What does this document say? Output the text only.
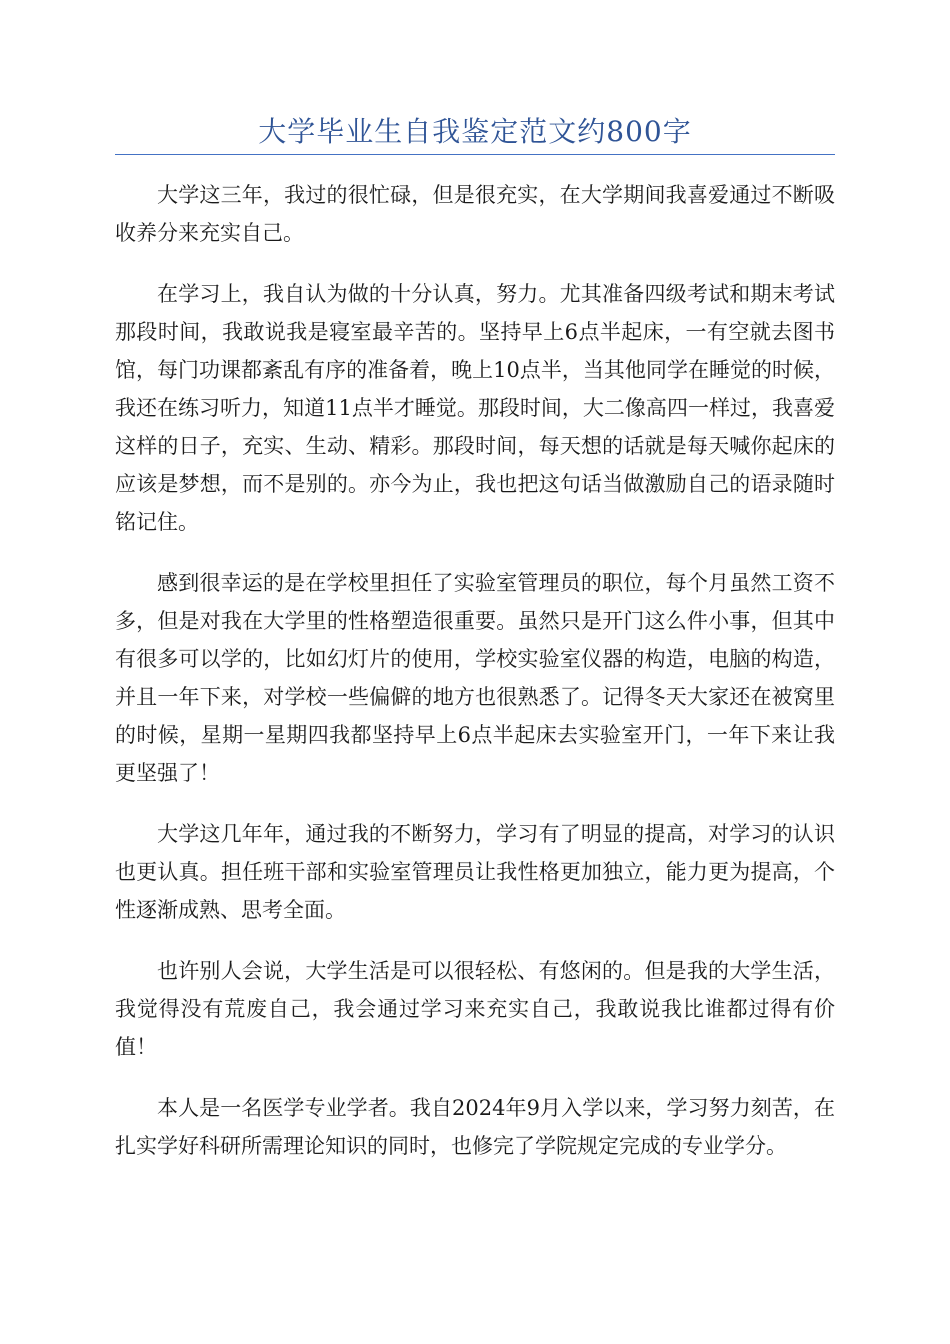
大学毕业生自我鉴定范文约800字

大学这三年，我过的很忙碌，但是很充实，在大学期间我喜爱通过不断吸收养分来充实自己。

在学习上，我自认为做的十分认真，努力。尤其准备四级考试和期末考试那段时间，我敢说我是寝室最辛苦的。坚持早上6点半起床，一有空就去图书馆，每门功课都紊乱有序的准备着，晚上10点半，当其他同学在睡觉的时候，我还在练习听力，知道11点半才睡觉。那段时间，大二像高四一样过，我喜爱这样的日子，充实、生动、精彩。那段时间，每天想的话就是每天喊你起床的应该是梦想，而不是别的。亦今为止，我也把这句话当做激励自己的语录随时铭记住。

感到很幸运的是在学校里担任了实验室管理员的职位，每个月虽然工资不多，但是对我在大学里的性格塑造很重要。虽然只是开门这么件小事，但其中有很多可以学的，比如幻灯片的使用，学校实验室仪器的构造，电脑的构造，并且一年下来，对学校一些偏僻的地方也很熟悉了。记得冬天大家还在被窝里的时候，星期一星期四我都坚持早上6点半起床去实验室开门，一年下来让我更坚强了！

大学这几年年，通过我的不断努力，学习有了明显的提高，对学习的认识也更认真。担任班干部和实验室管理员让我性格更加独立，能力更为提高，个性逐渐成熟、思考全面。

也许别人会说，大学生活是可以很轻松、有悠闲的。但是我的大学生活，我觉得没有荒废自己，我会通过学习来充实自己，我敢说我比谁都过得有价值！

本人是一名医学专业学者。我自2024年9月入学以来，学习努力刻苦，在扎实学好科研所需理论知识的同时，也修完了学院规定完成的专业学分。
